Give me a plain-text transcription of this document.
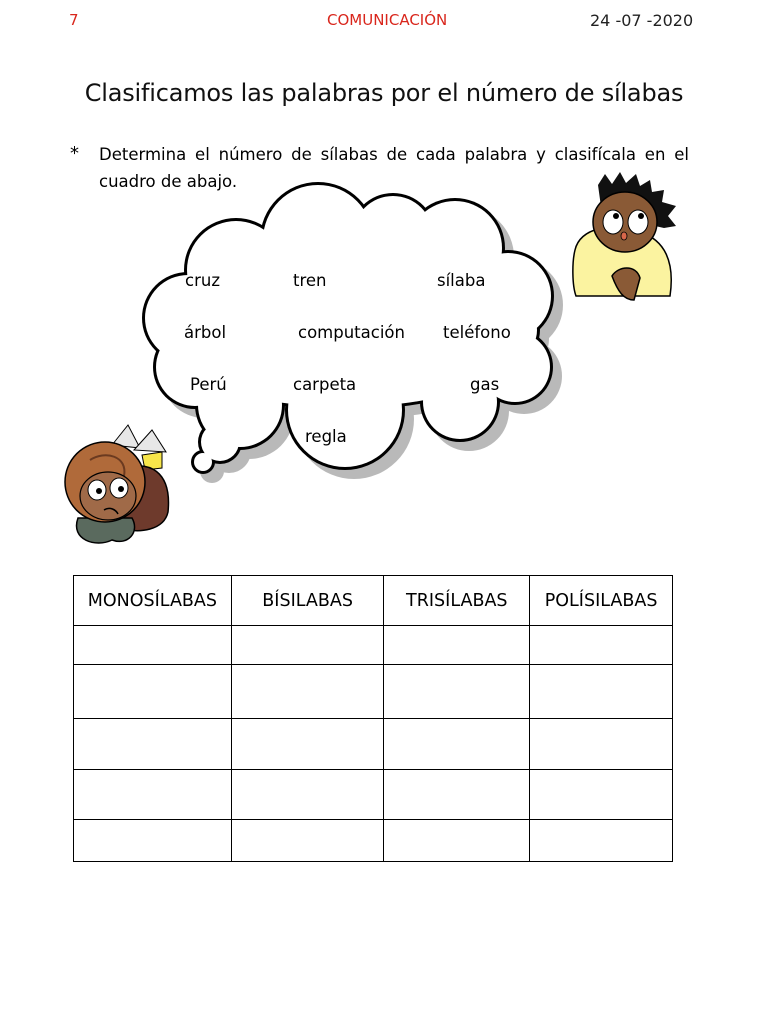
7	COMUNICACIÓN	24 -07 -2020
Clasificamos las palabras por el número de sílabas
* Determina el número de sílabas de cada palabra y clasifícala en el cuadro de abajo.
cruz	tren	sílaba
árbol	computación teléfono
Perú	carpeta	gas
regla
MONOSÍLABAS	BÍSILABAS	TRISÍLABAS	POLÍSILABAS
